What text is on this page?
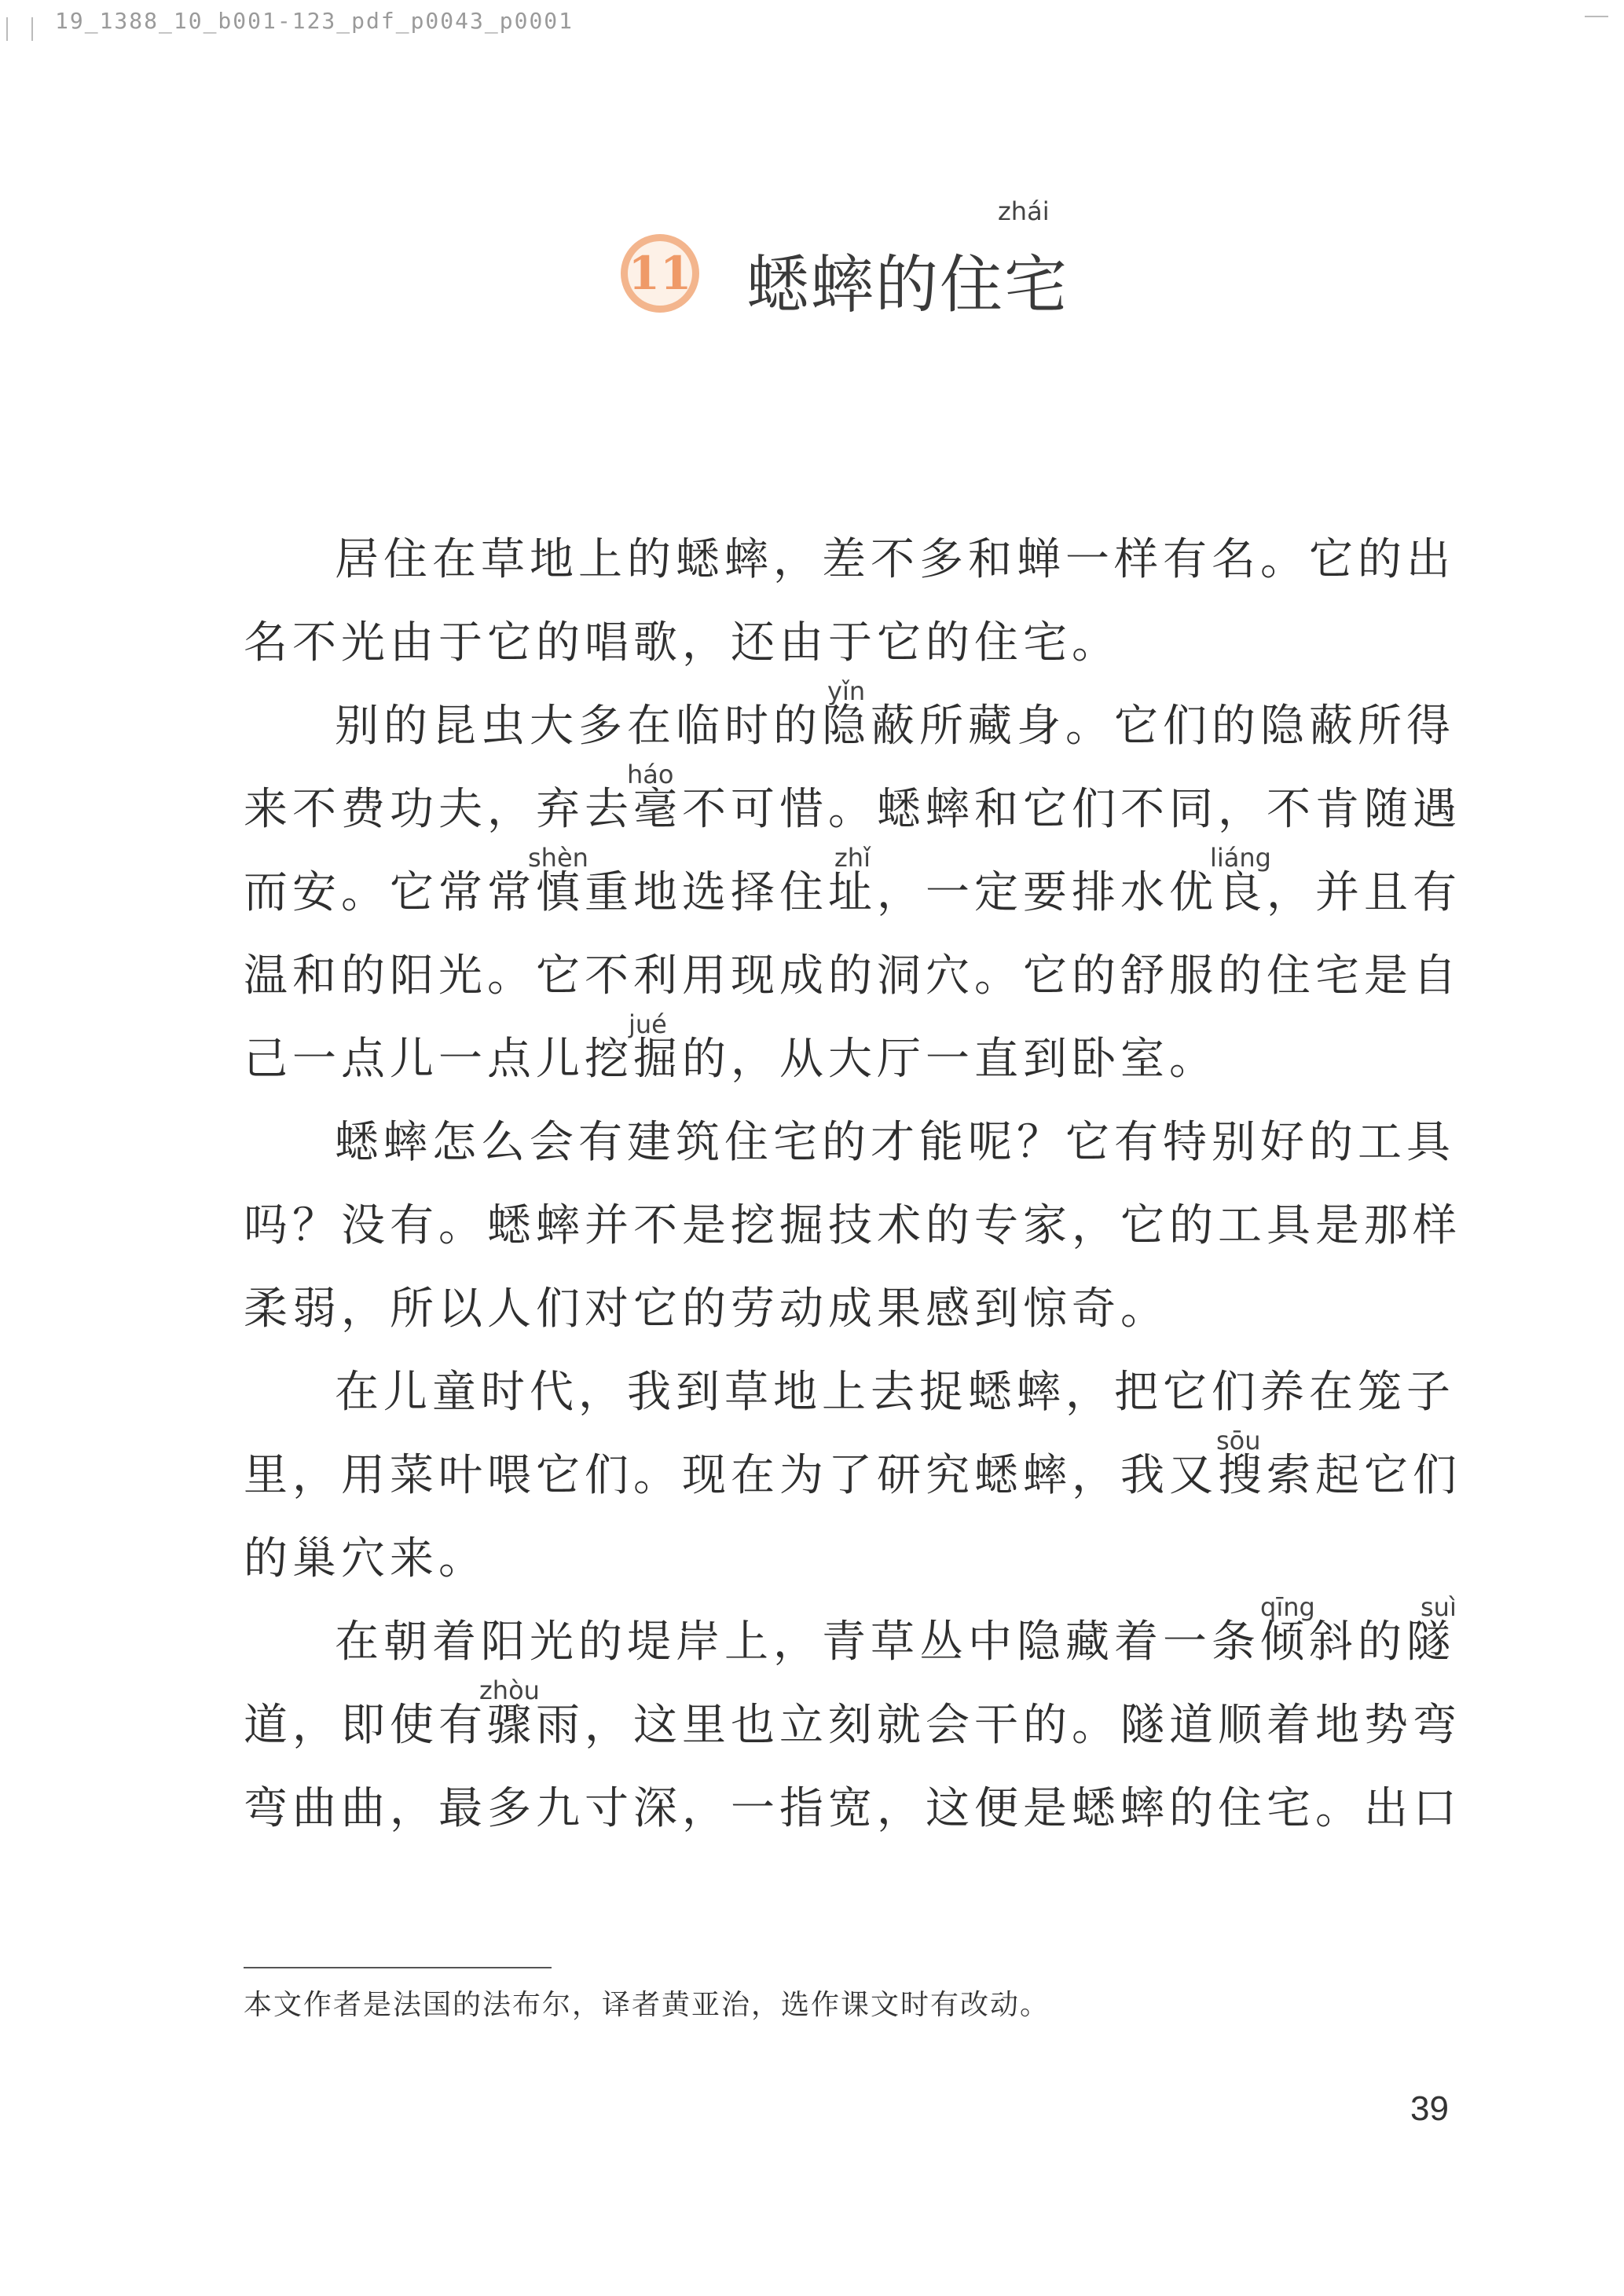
19_1388_10_b001-123_pdf_p0043_p0001
11
zhái
蟋蟀的住宅
居住在草地上的蟋蟀，差不多和蝉一样有名。它的出
名不光由于它的唱歌，还由于它的住宅。
yǐn
别的昆虫大多在临时的隐蔽所藏身。它们的隐蔽所得
háo
来不费功夫，弃去毫不可惜。蟋蟀和它们不同，不肯随遇
shèn	zhǐ	liáng
而安。它常常慎重地选择住址，一定要排水优良，并且有
温和的阳光。它不利用现成的洞穴。它的舒服的住宅是自
jué
己一点儿一点儿挖掘的，从大厅一直到卧室。
蟋蟀怎么会有建筑住宅的才能呢？它有特别好的工具
吗？没有。蟋蟀并不是挖掘技术的专家，它的工具是那样
柔弱，所以人们对它的劳动成果感到惊奇。
在儿童时代，我到草地上去捉蟋蟀，把它们养在笼子
sōu
里，用菜叶喂它们。现在为了研究蟋蟀，我又搜索起它们
的巢穴来。
qīng	suì
在朝着阳光的堤岸上，青草丛中隐藏着一条倾斜的隧
zhòu
道，即使有骤雨，这里也立刻就会干的。隧道顺着地势弯
弯曲曲，最多九寸深，一指宽，这便是蟋蟀的住宅。出口
本文作者是法国的法布尔，译者黄亚治，选作课文时有改动。
39
